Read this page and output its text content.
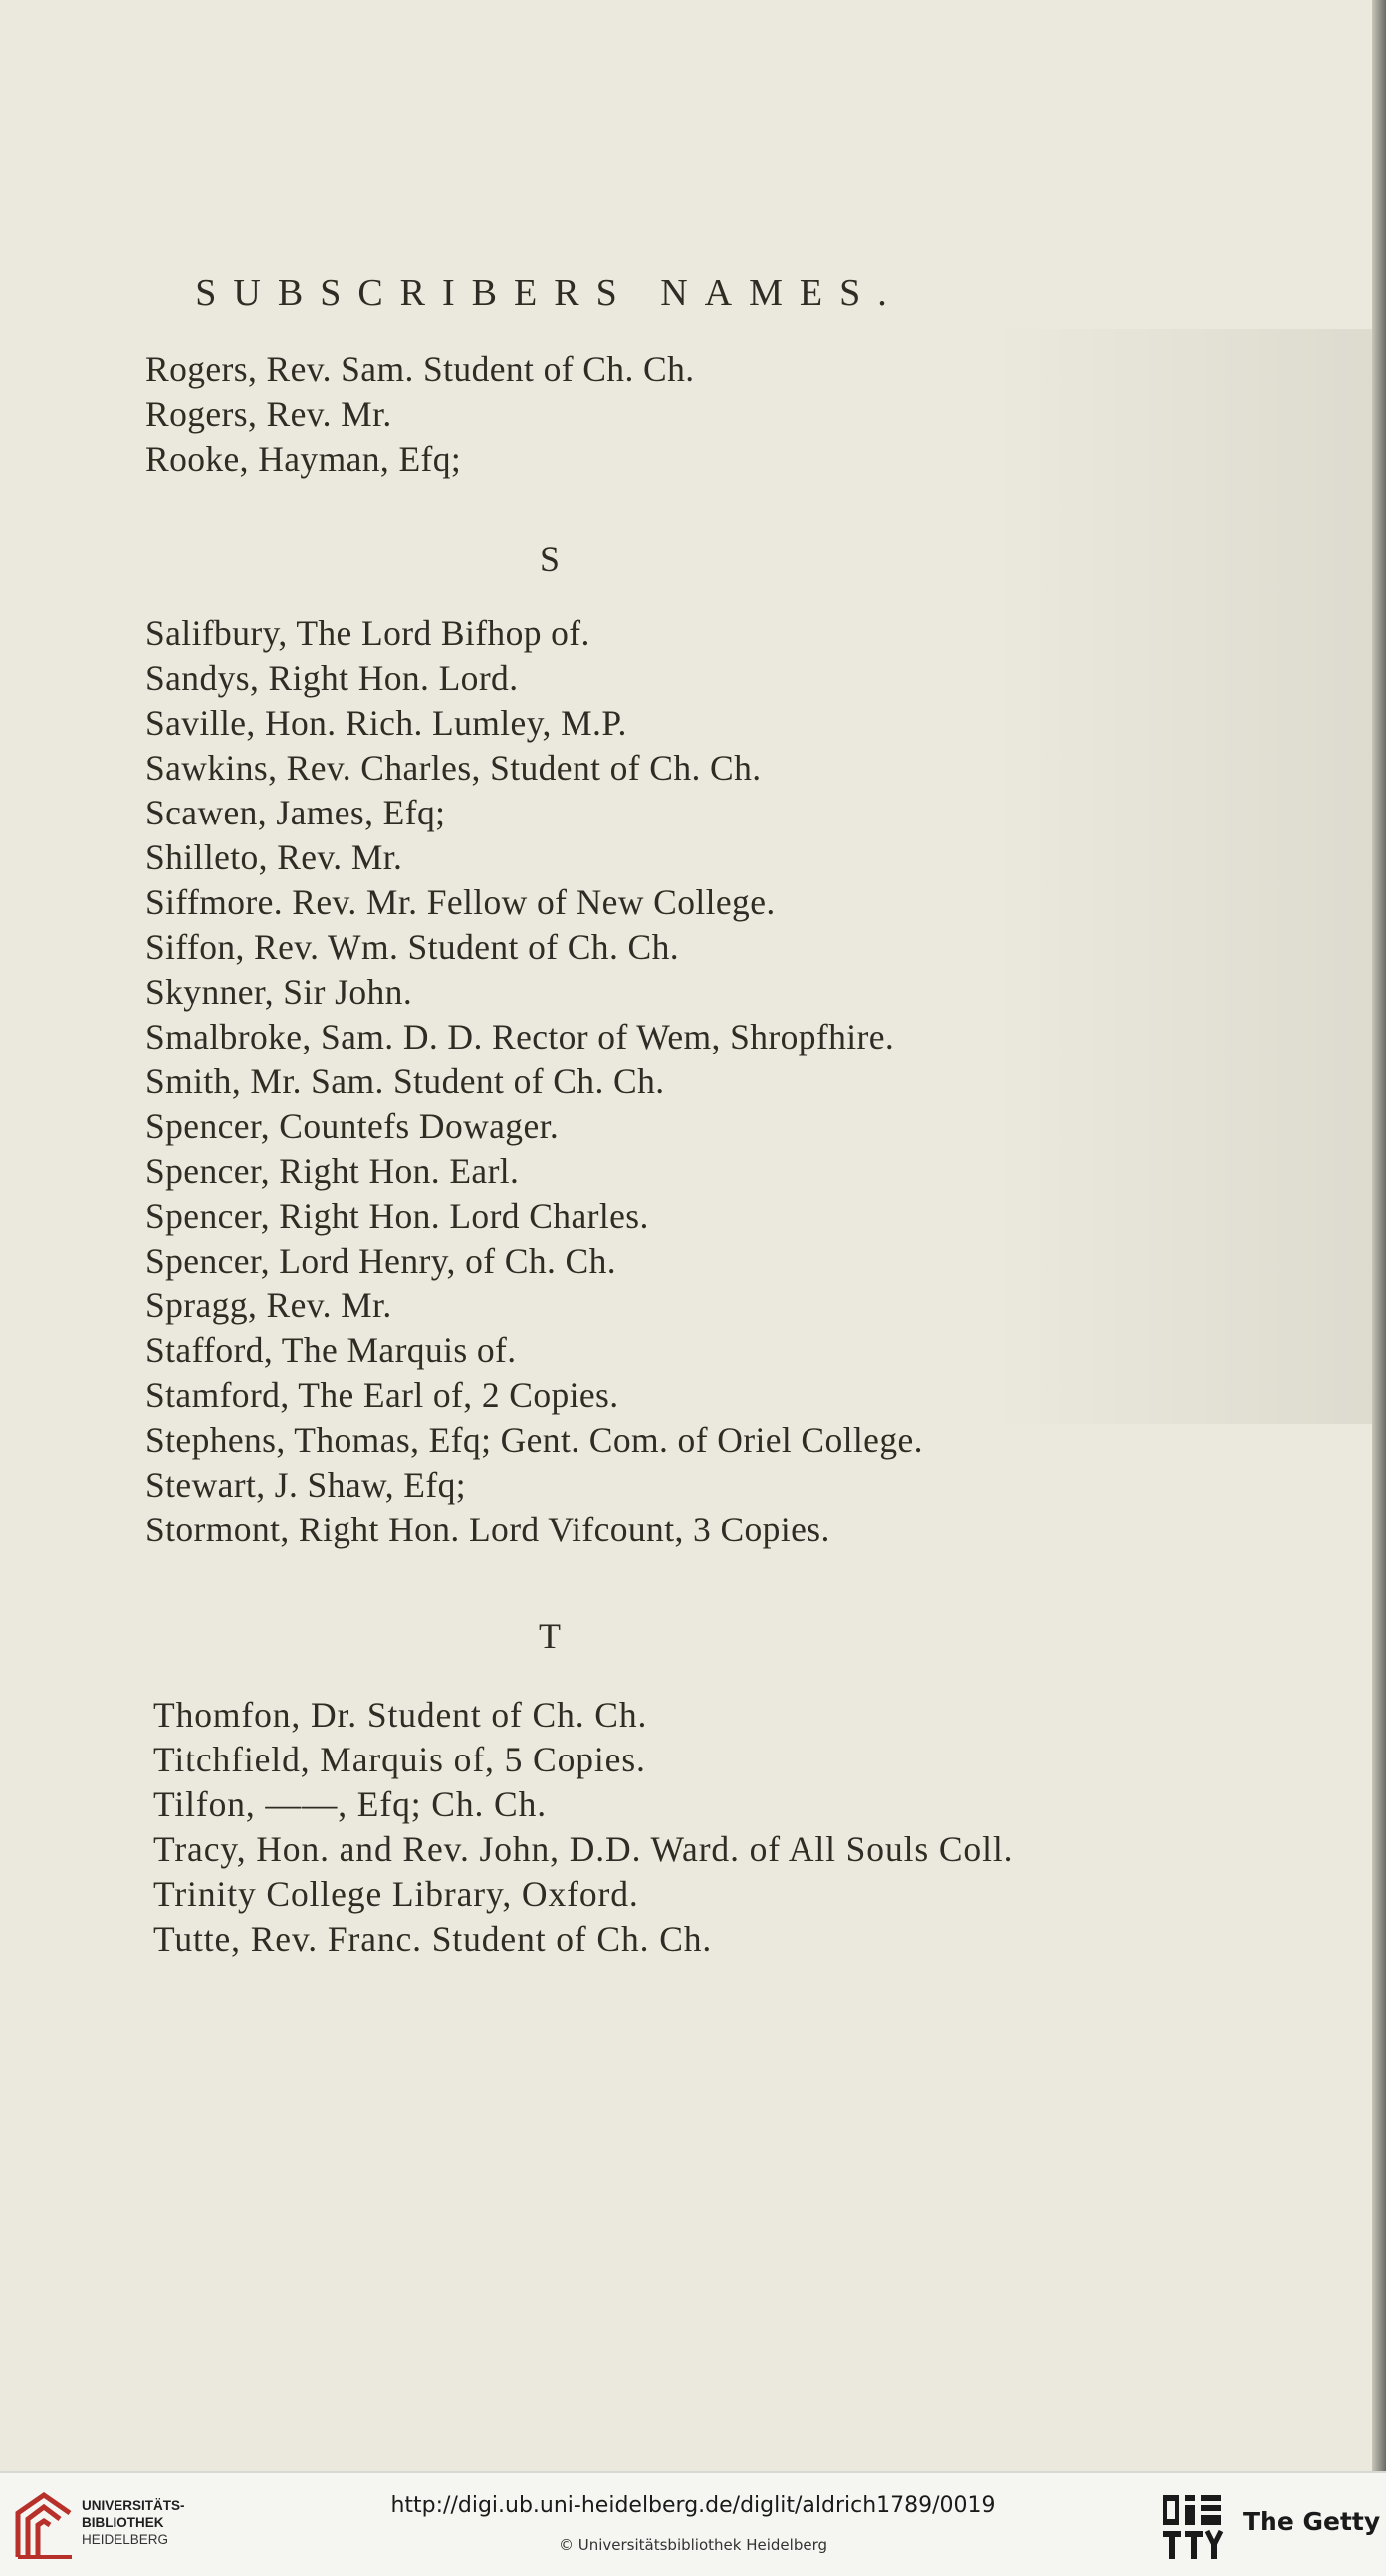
SUBSCRIBERS NAMES.
Rogers, Rev. Sam. Student of Ch. Ch.
Rogers, Rev. Mr.
Rooke, Hayman, Efq;
S
Salifbury, The Lord Bifhop of.
Sandys, Right Hon. Lord.
Saville, Hon. Rich. Lumley, M.P.
Sawkins, Rev. Charles, Student of Ch. Ch.
Scawen, James, Efq;
Shilleto, Rev. Mr.
Siffmore. Rev. Mr. Fellow of New College.
Siffon, Rev. Wm. Student of Ch. Ch.
Skynner, Sir John.
Smalbroke, Sam. D. D. Rector of Wem, Shropfhire.
Smith, Mr. Sam. Student of Ch. Ch.
Spencer, Countefs Dowager.
Spencer, Right Hon. Earl.
Spencer, Right Hon. Lord Charles.
Spencer, Lord Henry, of Ch. Ch.
Spragg, Rev. Mr.
Stafford, The Marquis of.
Stamford, The Earl of, 2 Copies.
Stephens, Thomas, Efq; Gent. Com. of Oriel College.
Stewart, J. Shaw, Efq;
Stormont, Right Hon. Lord Vifcount, 3 Copies.
T
Thomfon, Dr. Student of Ch. Ch.
Titchfield, Marquis of, 5 Copies.
Tilfon, ——, Efq; Ch. Ch.
Tracy, Hon. and Rev. John, D.D. Ward. of All Souls Coll.
Trinity College Library, Oxford.
Tutte, Rev. Franc. Student of Ch. Ch.
UNIVERSITÄTS-
BIBLIOTHEK
HEIDELBERG
http://digi.ub.uni-heidelberg.de/diglit/aldrich1789/0019
© Universitätsbibliothek Heidelberg
The Getty
